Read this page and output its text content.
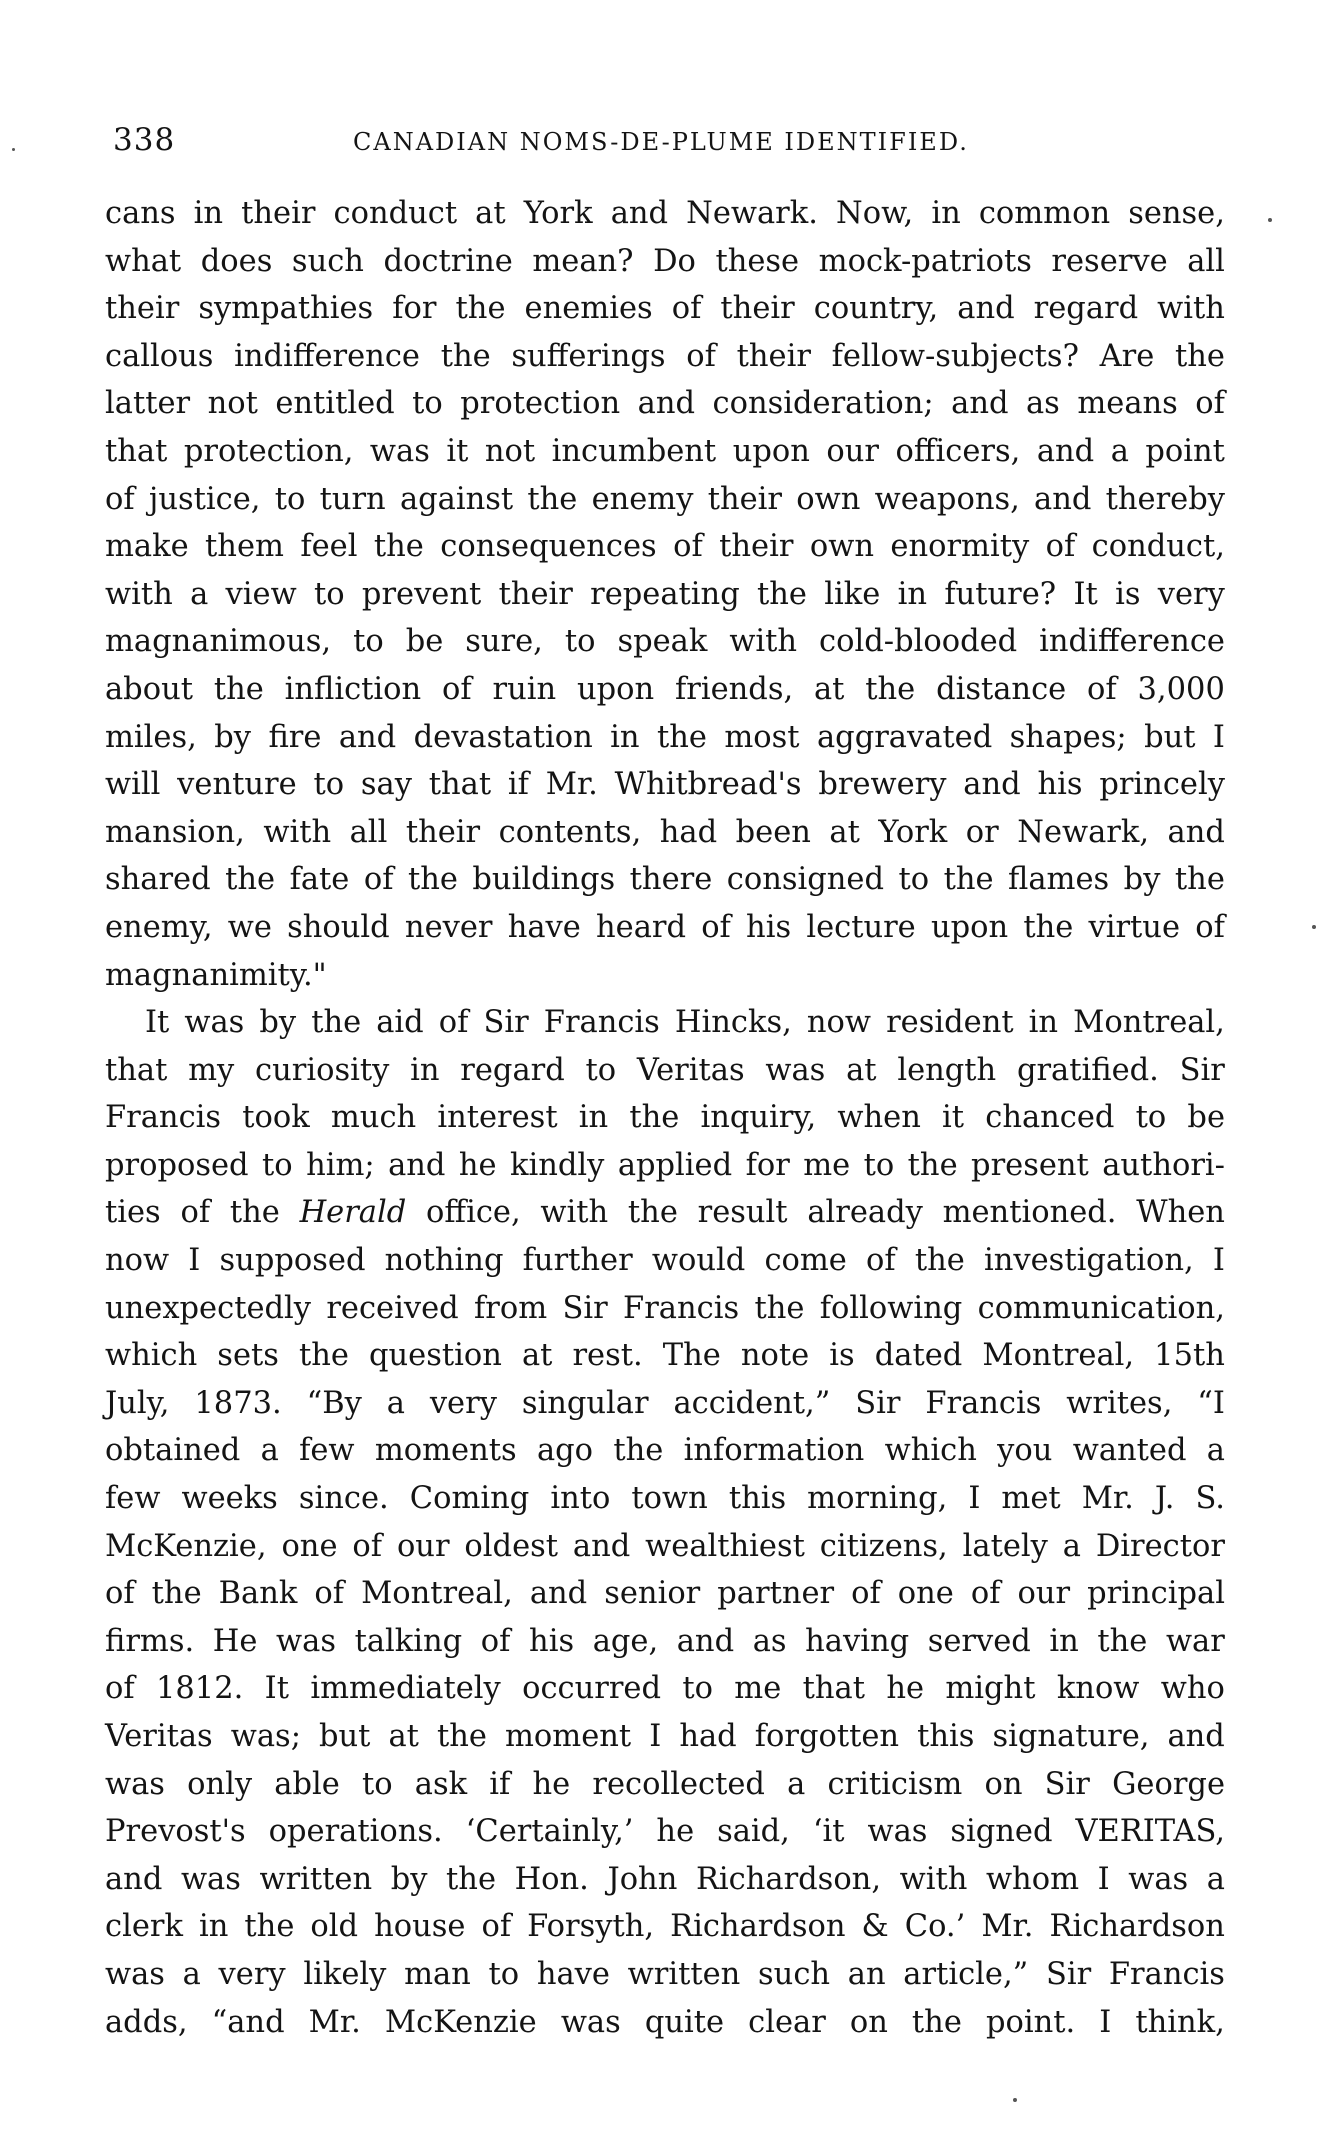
338	CANADIAN NOMS-DE-PLUME IDENTIFIED.
cans in their conduct at York and Newark. Now, in common sense,
what does such doctrine mean? Do these mock-patriots reserve all
their sympathies for the enemies of their country, and regard with
callous indifference the sufferings of their fellow-subjects? Are the
latter not entitled to protection and consideration; and as means of
that protection, was it not incumbent upon our officers, and a point
of justice, to turn against the enemy their own weapons, and thereby
make them feel the consequences of their own enormity of conduct,
with a view to prevent their repeating the like in future? It is very
magnanimous, to be sure, to speak with cold-blooded indifference
about the infliction of ruin upon friends, at the distance of 3,000
miles, by fire and devastation in the most aggravated shapes; but I
will venture to say that if Mr. Whitbread's brewery and his princely
mansion, with all their contents, had been at York or Newark, and
shared the fate of the buildings there consigned to the flames by the
enemy, we should never have heard of his lecture upon the virtue of
magnanimity."
It was by the aid of Sir Francis Hincks, now resident in Montreal,
that my curiosity in regard to Veritas was at length gratified. Sir
Francis took much interest in the inquiry, when it chanced to be
proposed to him; and he kindly applied for me to the present authori-
ties of the Herald office, with the result already mentioned. When
now I supposed nothing further would come of the investigation, I
unexpectedly received from Sir Francis the following communication,
which sets the question at rest. The note is dated Montreal, 15th
July, 1873. “By a very singular accident,” Sir Francis writes, “I
obtained a few moments ago the information which you wanted a
few weeks since. Coming into town this morning, I met Mr. J. S.
McKenzie, one of our oldest and wealthiest citizens, lately a Director
of the Bank of Montreal, and senior partner of one of our principal
firms. He was talking of his age, and as having served in the war
of 1812. It immediately occurred to me that he might know who
Veritas was; but at the moment I had forgotten this signature, and
was only able to ask if he recollected a criticism on Sir George
Prevost's operations. ‘Certainly,’ he said, ‘it was signed VERITAS,
and was written by the Hon. John Richardson, with whom I was a
clerk in the old house of Forsyth, Richardson & Co.’ Mr. Richardson
was a very likely man to have written such an article,” Sir Francis
adds, “and Mr. McKenzie was quite clear on the point. I think,
